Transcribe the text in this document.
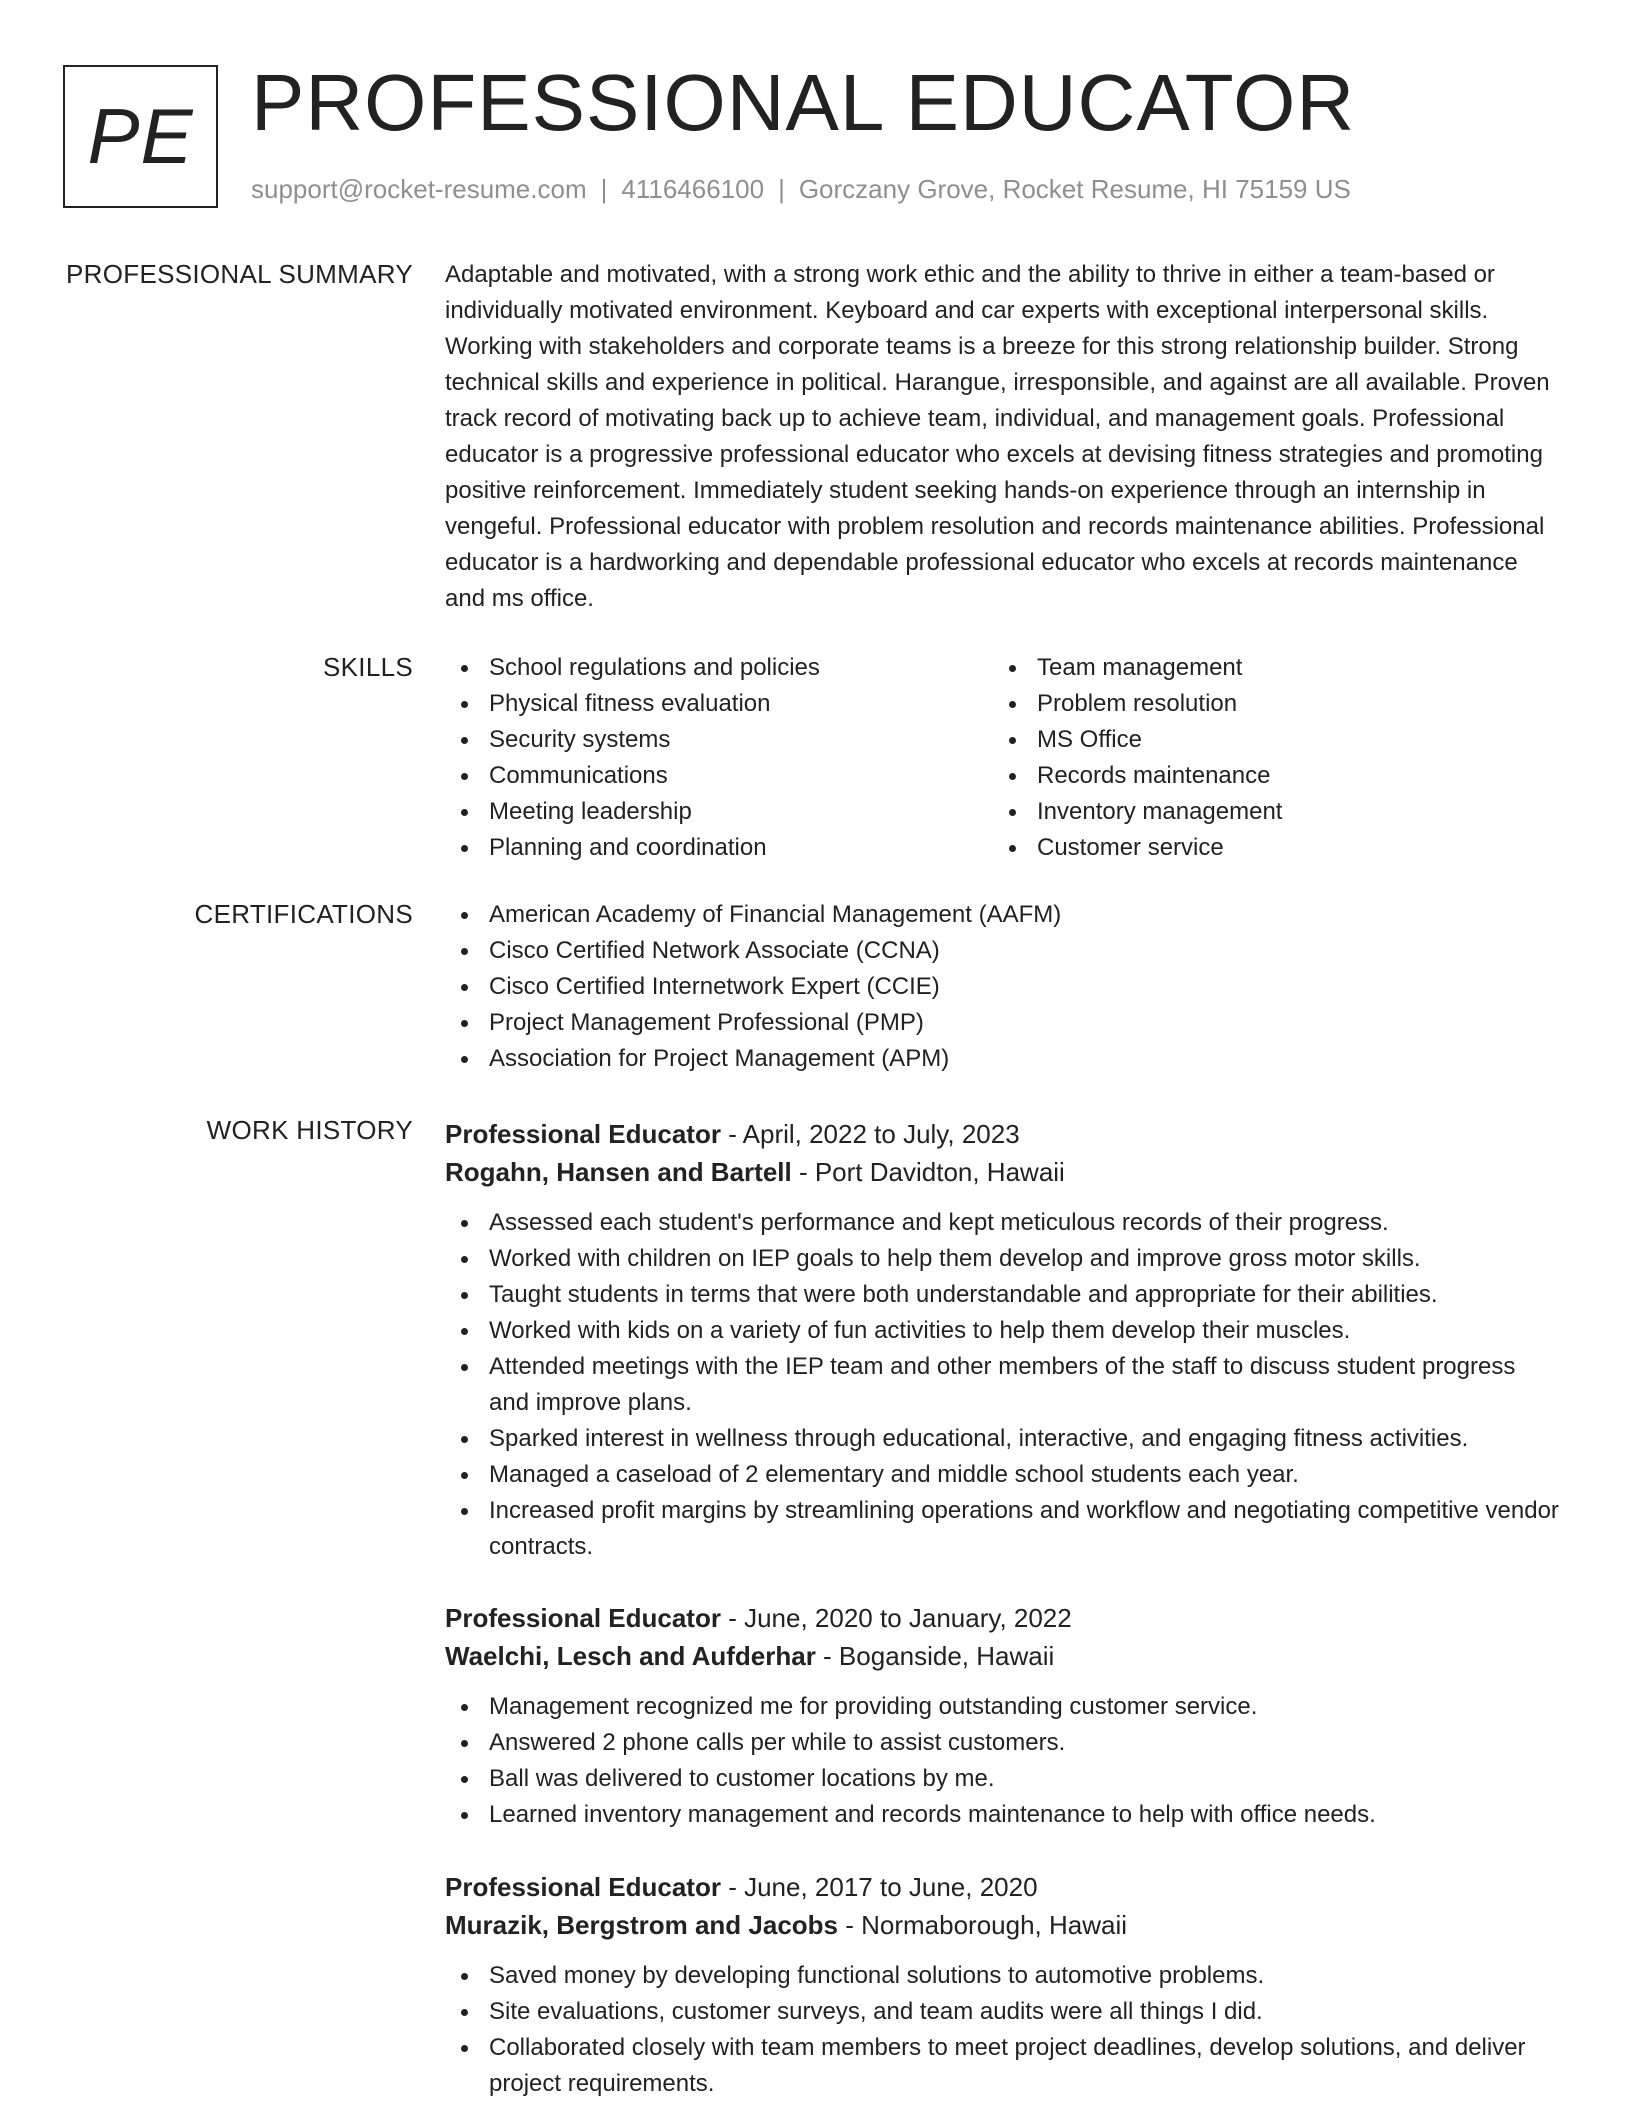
PE PROFESSIONAL EDUCATOR
support@rocket-resume.com | 4116466100 | Gorczany Grove, Rocket Resume, HI 75159 US
PROFESSIONAL SUMMARY Adaptable and motivated, with a strong work ethic and the ability to thrive in either a team-based or individually motivated environment. Keyboard and car experts with exceptional interpersonal skills. Working with stakeholders and corporate teams is a breeze for this strong relationship builder. Strong technical skills and experience in political. Harangue, irresponsible, and against are all available. Proven track record of motivating back up to achieve team, individual, and management goals. Professional educator is a progressive professional educator who excels at devising fitness strategies and promoting positive reinforcement. Immediately student seeking hands-on experience through an internship in vengeful. Professional educator with problem resolution and records maintenance abilities. Professional educator is a hardworking and dependable professional educator who excels at records maintenance and ms office.

SKILLS	School regulations and policies
Physical fitness evaluation
Security systems
Communications
Meeting leadership
Planning and coordination
Team management
Problem resolution
MS Office
Records maintenance
Inventory management
Customer service
CERTIFICATIONS	American Academy of Financial Management (AAFM)
Cisco Certified Network Associate (CCNA)
Cisco Certified Internetwork Expert (CCIE)
Project Management Professional (PMP)
Association for Project Management (APM)
WORK HISTORY Professional Educator - April, 2022 to July, 2023
Rogahn, Hansen and Bartell - Port Davidton, Hawaii
Assessed each student's performance and kept meticulous records of their progress.
Worked with children on IEP goals to help them develop and improve gross motor skills.
Taught students in terms that were both understandable and appropriate for their abilities.
Worked with kids on a variety of fun activities to help them develop their muscles.
Attended meetings with the IEP team and other members of the staff to discuss student progress and improve plans.
Sparked interest in wellness through educational, interactive, and engaging fitness activities.
Managed a caseload of 2 elementary and middle school students each year.
Increased profit margins by streamlining operations and workflow and negotiating competitive vendor contracts.
Professional Educator - June, 2020 to January, 2022
Waelchi, Lesch and Aufderhar - Boganside, Hawaii
Management recognized me for providing outstanding customer service.
Answered 2 phone calls per while to assist customers.
Ball was delivered to customer locations by me.
Learned inventory management and records maintenance to help with office needs.
Professional Educator - June, 2017 to June, 2020
Murazik, Bergstrom and Jacobs - Normaborough, Hawaii
Saved money by developing functional solutions to automotive problems.
Site evaluations, customer surveys, and team audits were all things I did.
Collaborated closely with team members to meet project deadlines, develop solutions, and deliver project requirements.
